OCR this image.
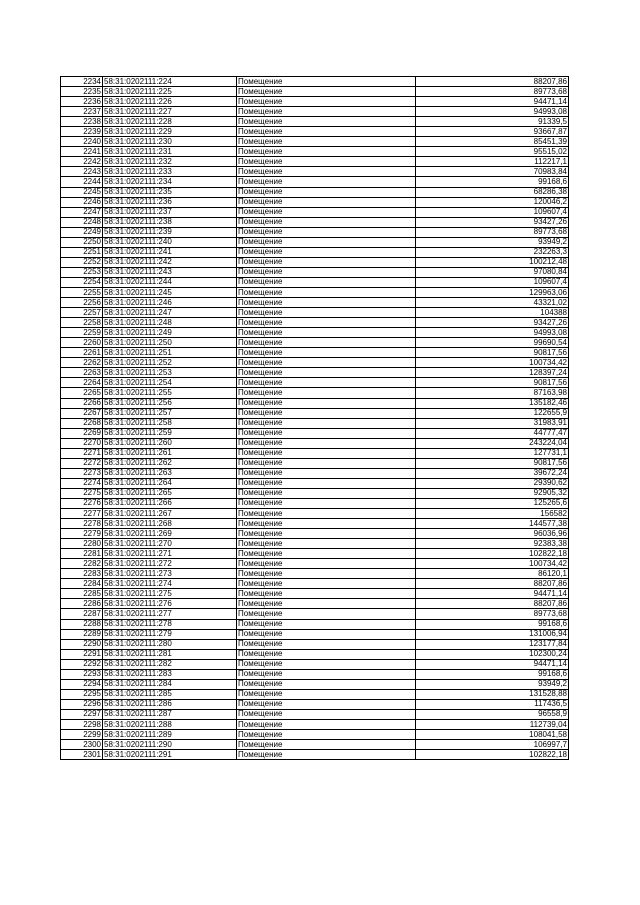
2234	58:31:0202111:224	Помещение	88207,86
2235	58:31:0202111:225	Помещение	89773,68
2236	58:31:0202111:226	Помещение	94471,14
2237	58:31:0202111:227	Помещение	94993,08
2238	58:31:0202111:228	Помещение	91339,5
2239	58:31:0202111:229	Помещение	93667,87
2240	58:31:0202111:230	Помещение	85451,39
2241	58:31:0202111:231	Помещение	95515,02
2242	58:31:0202111:232	Помещение	112217,1
2243	58:31:0202111:233	Помещение	70983,84
2244	58:31:0202111:234	Помещение	99168,6
2245	58:31:0202111:235	Помещение	68286,38
2246	58:31:0202111:236	Помещение	120046,2
2247	58:31:0202111:237	Помещение	109607,4
2248	58:31:0202111:238	Помещение	93427,26
2249	58:31:0202111:239	Помещение	89773,68
2250	58:31:0202111:240	Помещение	93949,2
2251	58:31:0202111:241	Помещение	232263,3
2252	58:31:0202111:242	Помещение	100212,48
2253	58:31:0202111:243	Помещение	97080,84
2254	58:31:0202111:244	Помещение	109607,4
2255	58:31:0202111:245	Помещение	129963,06
2256	58:31:0202111:246	Помещение	43321,02
2257	58:31:0202111:247	Помещение	104388
2258	58:31:0202111:248	Помещение	93427,26
2259	58:31:0202111:249	Помещение	94993,08
2260	58:31:0202111:250	Помещение	99690,54
2261	58:31:0202111:251	Помещение	90817,56
2262	58:31:0202111:252	Помещение	100734,42
2263	58:31:0202111:253	Помещение	128397,24
2264	58:31:0202111:254	Помещение	90817,56
2265	58:31:0202111:255	Помещение	87163,98
2266	58:31:0202111:256	Помещение	135182,46
2267	58:31:0202111:257	Помещение	122655,9
2268	58:31:0202111:258	Помещение	31983,91
2269	58:31:0202111:259	Помещение	44777,47
2270	58:31:0202111:260	Помещение	243224,04
2271	58:31:0202111:261	Помещение	127731,1
2272	58:31:0202111:262	Помещение	90817,56
2273	58:31:0202111:263	Помещение	39672,24
2274	58:31:0202111:264	Помещение	29390,62
2275	58:31:0202111:265	Помещение	92905,32
2276	58:31:0202111:266	Помещение	125265,6
2277	58:31:0202111:267	Помещение	156582
2278	58:31:0202111:268	Помещение	144577,38
2279	58:31:0202111:269	Помещение	96036,96
2280	58:31:0202111:270	Помещение	92383,38
2281	58:31:0202111:271	Помещение	102822,18
2282	58:31:0202111:272	Помещение	100734,42
2283	58:31:0202111:273	Помещение	86120,1
2284	58:31:0202111:274	Помещение	88207,86
2285	58:31:0202111:275	Помещение	94471,14
2286	58:31:0202111:276	Помещение	88207,86
2287	58:31:0202111:277	Помещение	89773,68
2288	58:31:0202111:278	Помещение	99168,6
2289	58:31:0202111:279	Помещение	131006,94
2290	58:31:0202111:280	Помещение	123177,84
2291	58:31:0202111:281	Помещение	102300,24
2292	58:31:0202111:282	Помещение	94471,14
2293	58:31:0202111:283	Помещение	99168,6
2294	58:31:0202111:284	Помещение	93949,2
2295	58:31:0202111:285	Помещение	131528,88
2296	58:31:0202111:286	Помещение	117436,5
2297	58:31:0202111:287	Помещение	96558,9
2298	58:31:0202111:288	Помещение	112739,04
2299	58:31:0202111:289	Помещение	108041,58
2300	58:31:0202111:290	Помещение	106997,7
2301	58:31:0202111:291	Помещение	102822,18
